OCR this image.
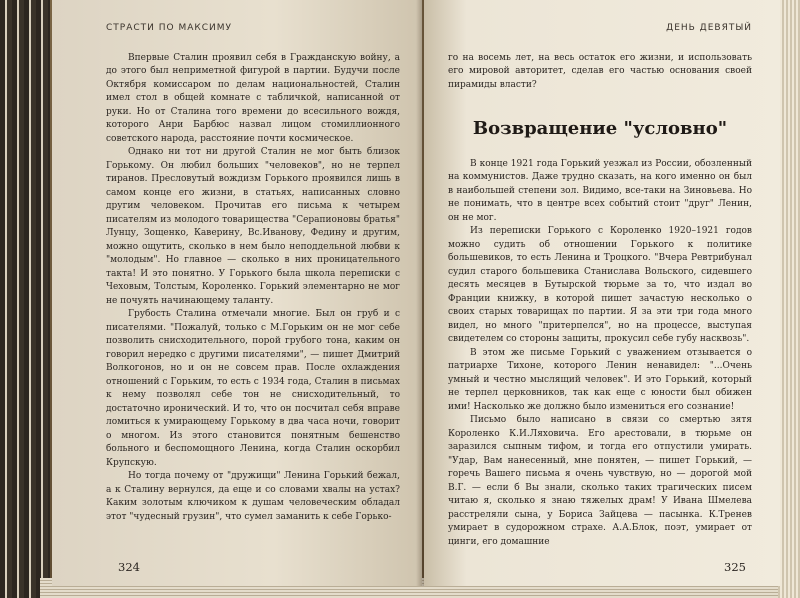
СТРАСТИ ПО МАКСИМУ

Впервые Сталин проявил себя в Гражданскую войну, а до этого был неприметной фигурой в партии. Будучи после Октября комиссаром по делам национальностей, Сталин имел стол в общей комнате с табличкой, написанной от руки. Но от Сталина того времени до всесильного вождя, которого Анри Барбюс назвал лицом стомиллионного советского народа, расстояние почти космическое.

Однако ни тот ни другой Сталин не мог быть близок Горькому. Он любил больших "человеков", но не терпел тиранов. Пресловутый вождизм Горького проявился лишь в самом конце его жизни, в статьях, написанных словно другим человеком. Прочитав его письма к четырем писателям из молодого товарищества "Серапионовы братья" Лунцу, Зощенко, Каверину, Вс.Иванову, Федину и другим, можно ощутить, сколько в нем было неподдельной любви к "молодым". Но главное — сколько в них проницательного такта! И это понятно. У Горького была школа переписки с Чеховым, Толстым, Короленко. Горький элементарно не мог не почуять начинающему таланту.

Грубость Сталина отмечали многие. Был он груб и с писателями. "Пожалуй, только с М.Горьким он не мог себе позволить снисходительного, порой грубого тона, каким он говорил нередко с другими писателями", — пишет Дмитрий Волкогонов, но и он не совсем прав. После охлаждения отношений с Горьким, то есть с 1934 года, Сталин в письмах к нему позволял себе тон не снисходительный, то достаточно иронический. И то, что он посчитал себя вправе ломиться к умирающему Горькому в два часа ночи, говорит о многом. Из этого становится понятным бешенство больного и беспомощного Ленина, когда Сталин оскорбил Крупскую.

Но тогда почему от "дружищи" Ленина Горький бежал, а к Сталину вернулся, да еще и со словами хвалы на устах? Каким золотым ключиком к душам человеческим обладал этот "чудесный грузин", что сумел заманить к себе Горько-

324
ДЕНЬ ДЕВЯТЫЙ

го на восемь лет, на весь остаток его жизни, и использовать его мировой авторитет, сделав его частью основания своей пирамиды власти?

Возвращение "условно"

В конце 1921 года Горький уезжал из России, обозленный на коммунистов. Даже трудно сказать, на кого именно он был в наибольшей степени зол. Видимо, все-таки на Зиновьева. Но не понимать, что в центре всех событий стоит "друг" Ленин, он не мог.

Из переписки Горького с Короленко 1920–1921 годов можно судить об отношении Горького к политике большевиков, то есть Ленина и Троцкого. "Вчера Ревтрибунал судил старого большевика Станислава Вольского, сидевшего десять месяцев в Бутырской тюрьме за то, что издал во Франции книжку, в которой пишет зачастую несколько о своих старых товарищах по партии. Я за эти три года много видел, но много "притерпелся", но на процессе, выступая свидетелем со стороны защиты, прокусил себе губу насквозь".

В этом же письме Горький с уважением отзывается о патриархе Тихоне, которого Ленин ненавидел: "...Очень умный и честно мыслящий человек". И это Горький, который не терпел церковников, так как еще с юности был обижен ими! Насколько же должно было измениться его сознание!

Письмо было написано в связи со смертью зятя Короленко К.И.Ляховича. Его арестовали, в тюрьме он заразился сыпным тифом, и тогда его отпустили умирать. "Удар, Вам нанесенный, мне понятен, — пишет Горький, — горечь Вашего письма я очень чувствую, но — дорогой мой В.Г. — если б Вы знали, сколько таких трагических писем читаю я, сколько я знаю тяжелых драм! У Ивана Шмелева расстреляли сына, у Бориса Зайцева — пасынка. К.Тренев умирает в судорожном страхе. А.А.Блок, поэт, умирает от цинги, его домашние

325
